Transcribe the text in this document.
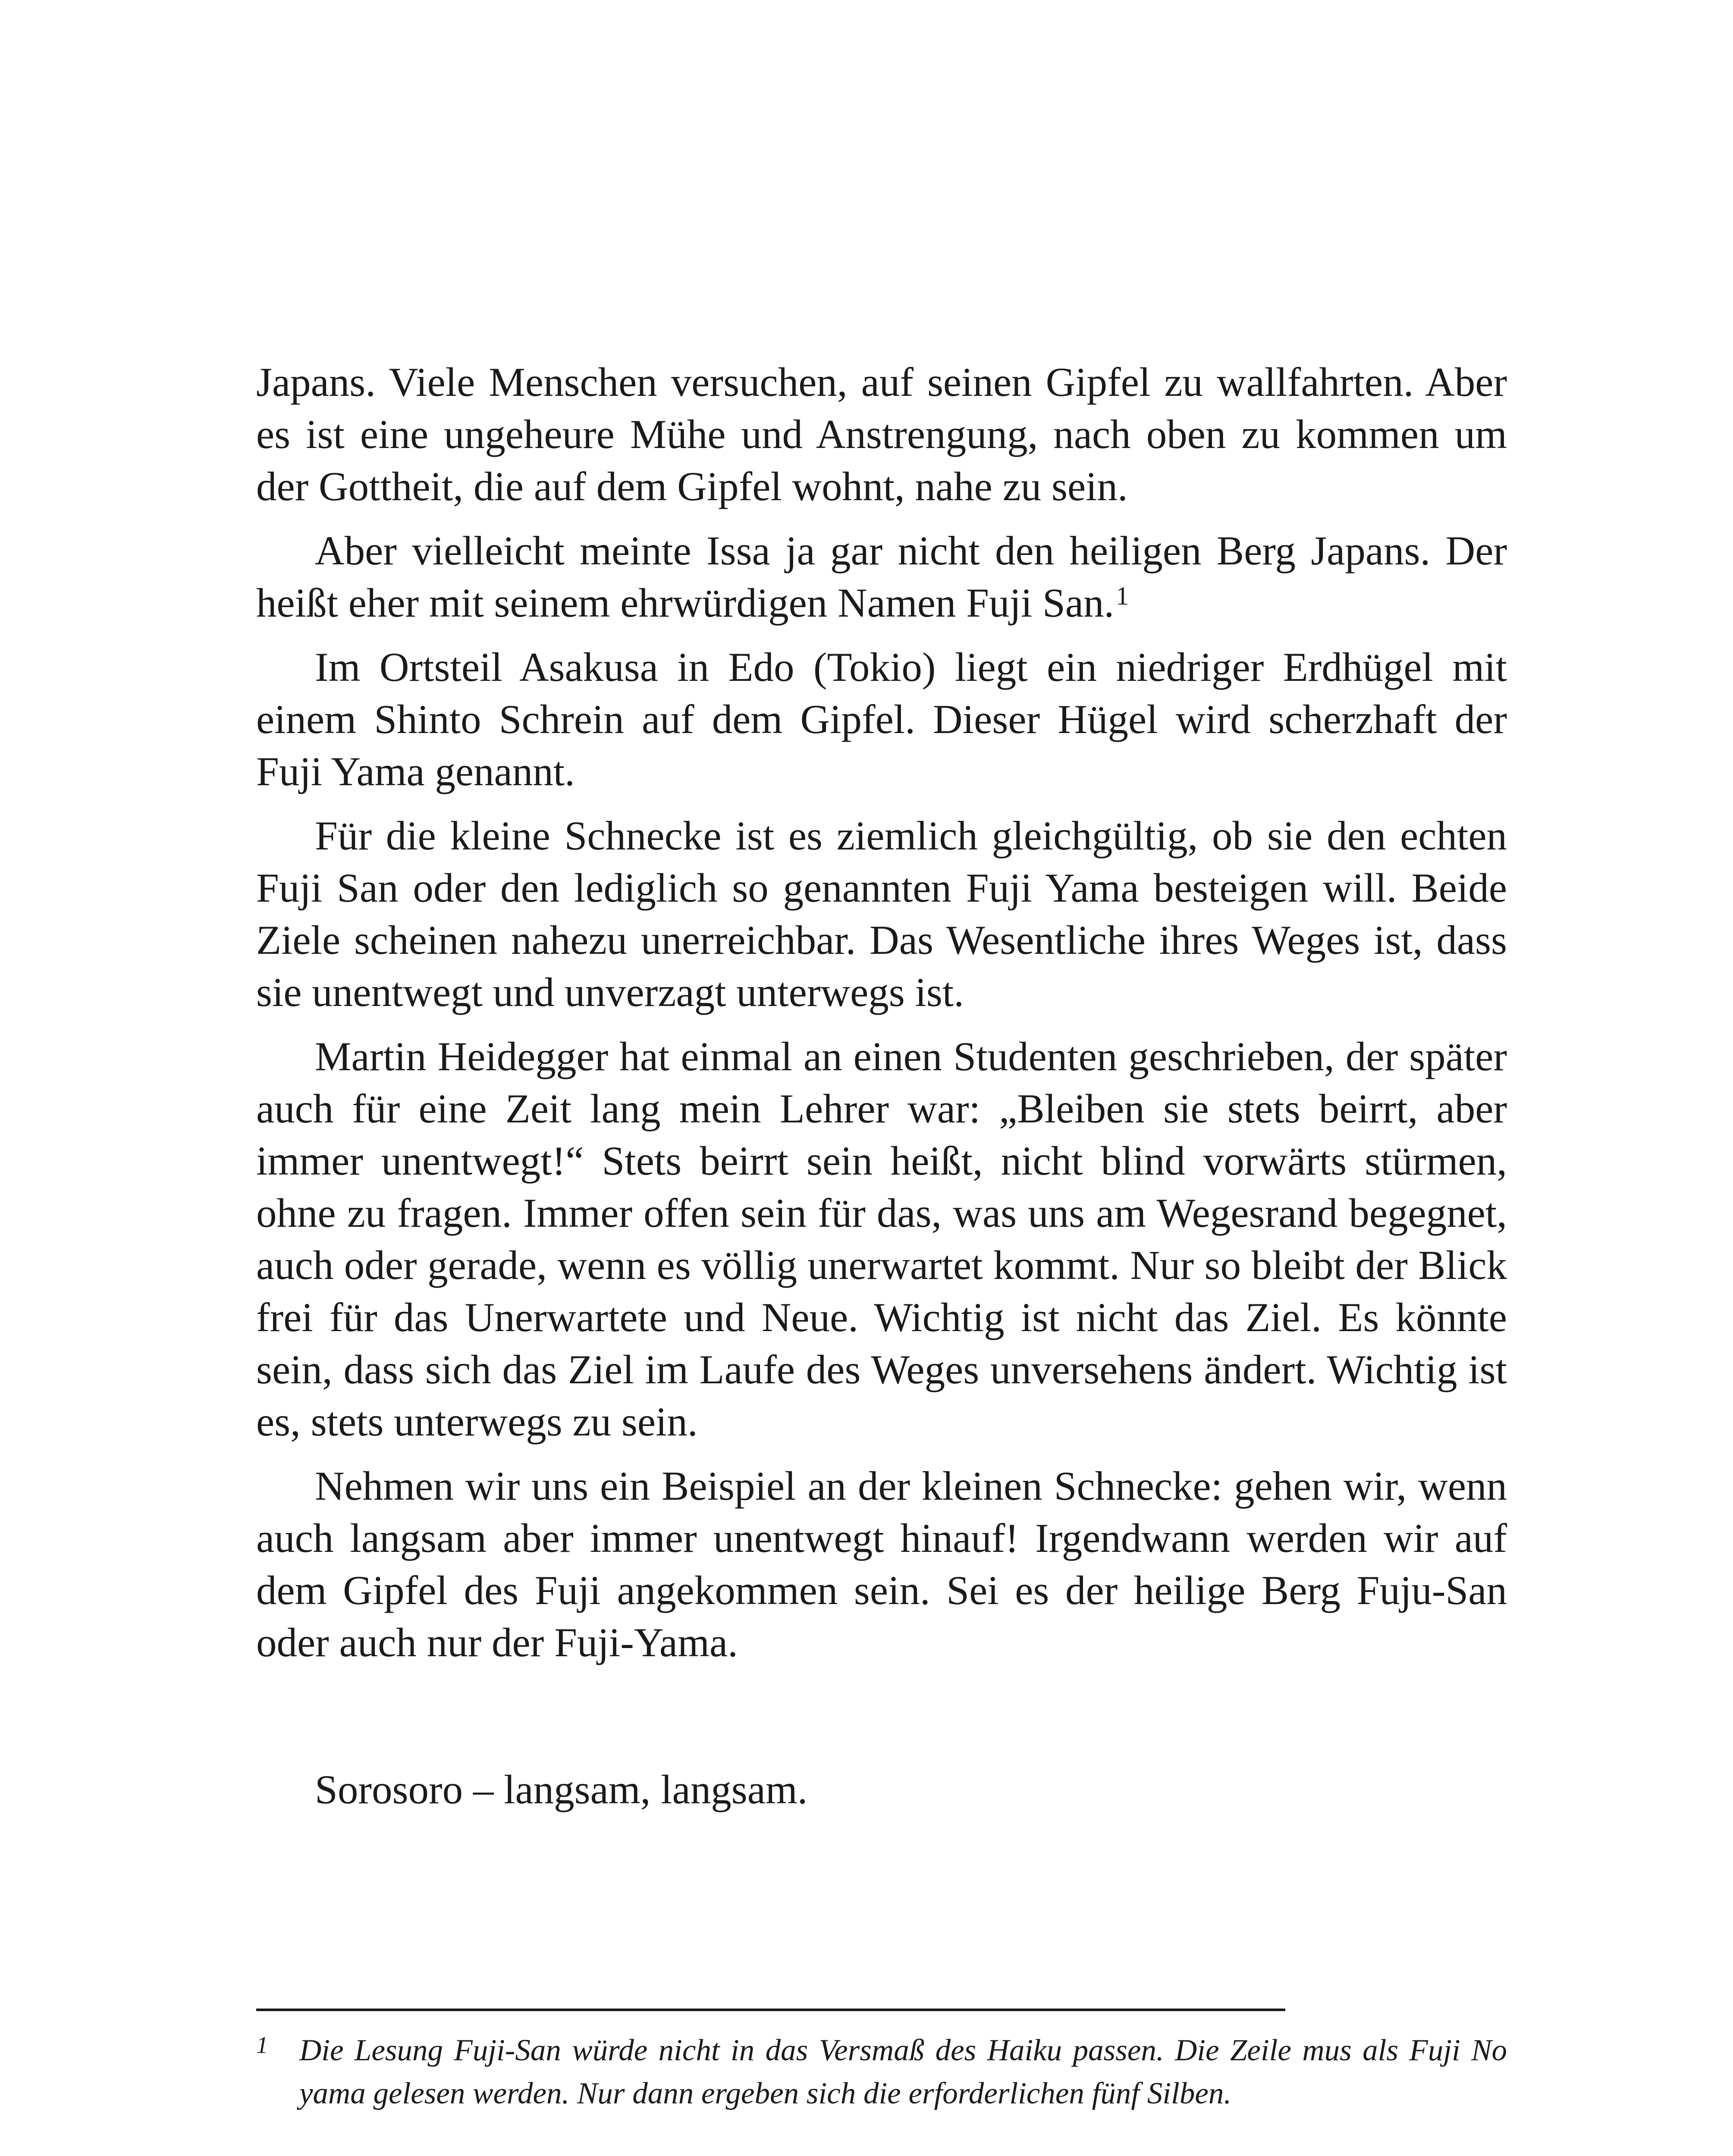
Japans. Viele Menschen versuchen, auf seinen Gipfel zu wallfahrten. Aber es ist eine ungeheure Mühe und Anstrengung, nach oben zu kommen um der Gottheit, die auf dem Gipfel wohnt, nahe zu sein.

Aber vielleicht meinte Issa ja gar nicht den heiligen Berg Japans. Der heißt eher mit seinem ehrwürdigen Namen Fuji San.$^1$

Im Ortsteil Asakusa in Edo (Tokio) liegt ein niedriger Erdhügel mit einem Shinto Schrein auf dem Gipfel. Dieser Hügel wird scherzhaft der Fuji Yama genannt.

Für die kleine Schnecke ist es ziemlich gleichgültig, ob sie den echten Fuji San oder den lediglich so genannten Fuji Yama besteigen will. Beide Ziele scheinen nahezu unerreichbar. Das Wesentliche ihres Weges ist, dass sie unentwegt und unverzagt unterwegs ist.

Martin Heidegger hat einmal an einen Studenten geschrieben, der später auch für eine Zeit lang mein Lehrer war: „Bleiben sie stets beirrt, aber immer unentwegt!“ Stets beirrt sein heißt, nicht blind vorwärts stürmen, ohne zu fragen. Immer offen sein für das, was uns am Wegesrand begegnet, auch oder gerade, wenn es völlig unerwartet kommt. Nur so bleibt der Blick frei für das Unerwartete und Neue. Wichtig ist nicht das Ziel. Es könnte sein, dass sich das Ziel im Laufe des Weges unversehens ändert. Wichtig ist es, stets unterwegs zu sein.

Nehmen wir uns ein Beispiel an der kleinen Schnecke: gehen wir, wenn auch langsam aber immer unentwegt hinauf! Irgendwann werden wir auf dem Gipfel des Fuji angekommen sein. Sei es der heilige Berg Fuju-San oder auch nur der Fuji-Yama.

Sorosoro – langsam, langsam.

1	Die Lesung Fuji-San würde nicht in das Versmaß des Haiku passen. Die Zeile mus als Fuji No yama gelesen werden. Nur dann ergeben sich die erforderlichen fünf Silben.
